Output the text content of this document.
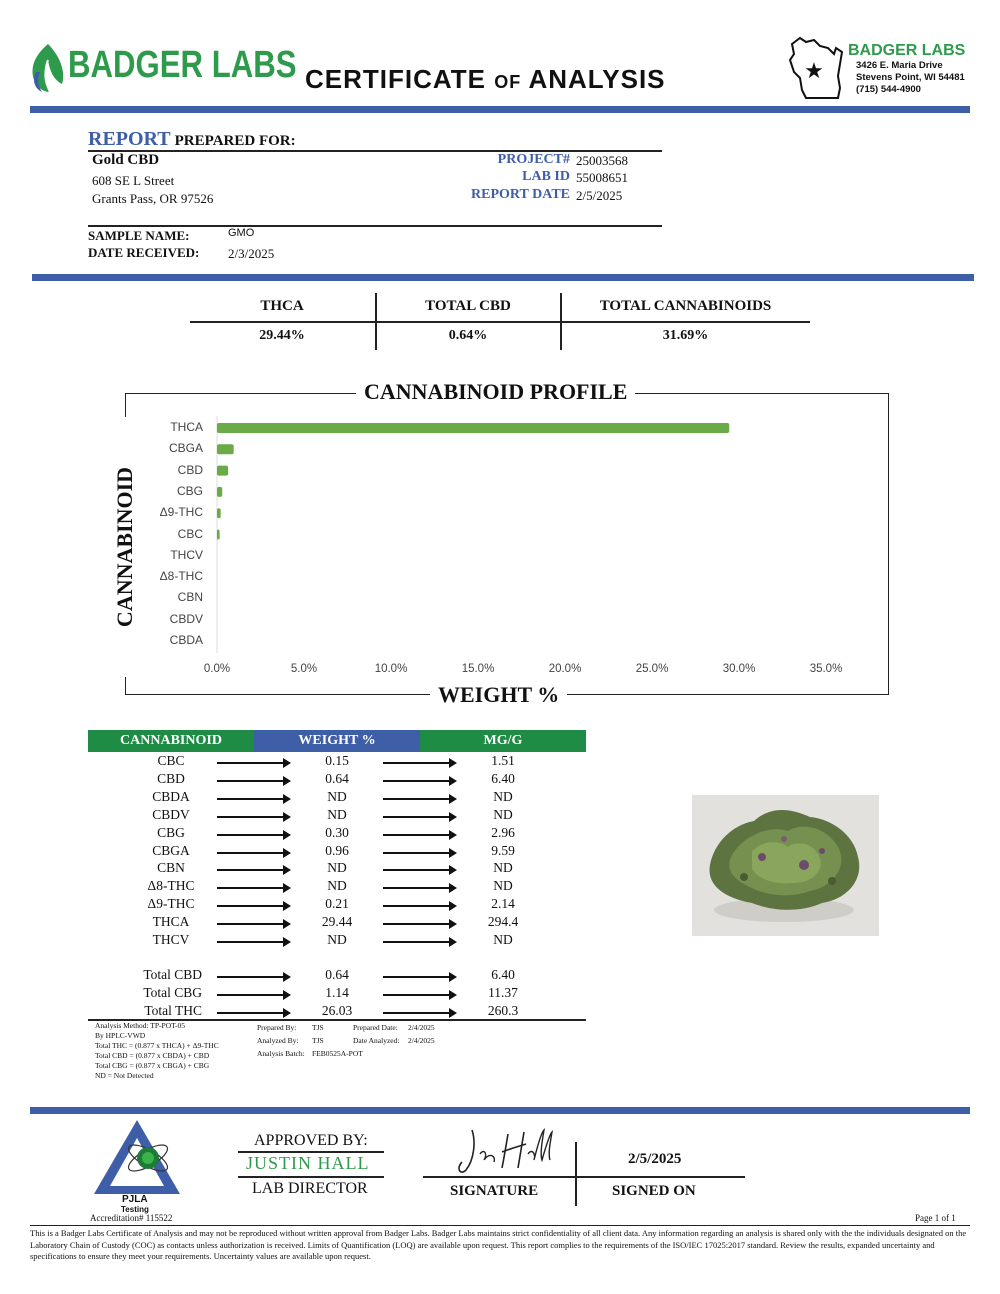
BADGER LABS CERTIFICATE OF ANALYSIS	★
BADGER LABS
3426 E. Maria Drive
Stevens Point, WI 54481
(715) 544-4900
REPORT PREPARED FOR:
Gold CBD
608 SE L Street
Grants Pass, OR 97526
PROJECT# 25003568
LAB ID 55008651
REPORT DATE 2/5/2025
SAMPLE NAME:	GMO
DATE RECEIVED: 2/3/2025
THCA	TOTAL CBD	TOTAL CANNABINOIDS
29.44%	0.64%	31.69%
CANNABINOID PROFILE
WEIGHT %
CANNABINOID
THCA
CBGA
CBD
CBG
Δ9-THC
CBC
THCV
Δ8-THC
CBN
CBDV
CBDA
0.0%	5.0%	10.0%	15.0%	20.0%	25.0%	30.0%	35.0%
CANNABINOID	WEIGHT %	MG/G
CBC	0.15	1.51
CBD	0.64	6.40
CBDA	ND	ND
CBDV	ND	ND
CBG	0.30	2.96
CBGA	0.96	9.59
CBN	ND	ND
Δ8-THC	ND	ND
Δ9-THC	0.21	2.14
THCA	29.44	294.4
THCV	ND	ND
Total CBD	0.64	6.40
Total CBG	1.14	11.37
Total THC	26.03	260.3
Analysis Method: TP-POT-05
By HPLC-VWD
Total THC = (0.877 x THCA) + Δ9-THC
Total CBD = (0.877 x CBDA) + CBD
Total CBG = (0.877 x CBGA) + CBG
ND = Not Detected
Prepared By: TJS
Analyzed By: TJS
Analysis Batch: FEB0525A-POT
Prepared Date: 2/4/2025
Date Analyzed: 2/4/2025
PJLA
Testing
Accreditation# 115522
APPROVED BY:
JUSTIN HALL
LAB DIRECTOR	SIGNATURE
2/5/2025
SIGNED ON
Page 1 of 1
This is a Badger Labs Certificate of Analysis and may not be reproduced without written approval from Badger Labs. Badger Labs maintains strict confidentiality of all client data. Any information regarding an analysis is shared only with the the individuals designated on the Laboratory Chain of Custody (COC) as contacts unless authorization is received. Limits of Quantification (LOQ) are available upon request. This report complies to the requirements of the ISO/IEC 17025:2017 standard. Review the results, expanded uncertainty and specifications to ensure they meet your requirements. Uncertainty values are available upon request.
